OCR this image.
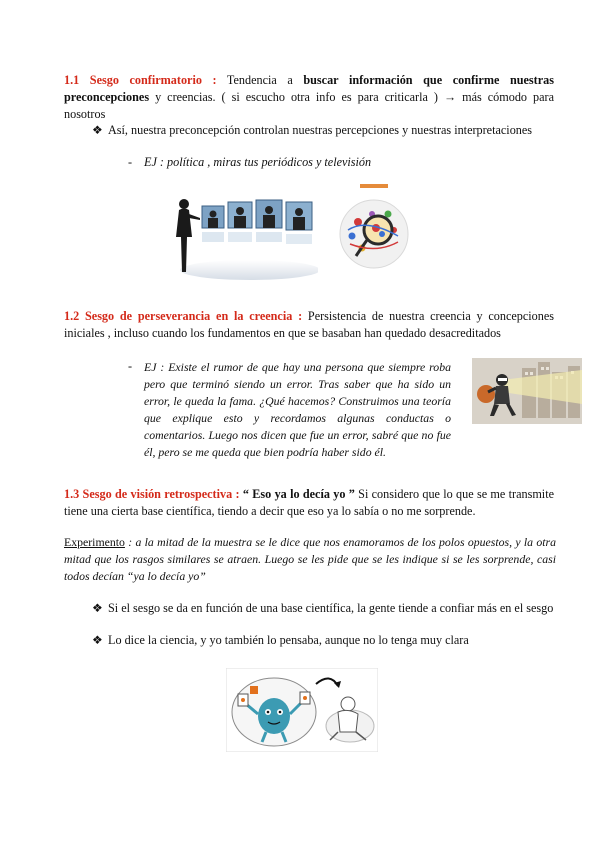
1.1 Sesgo confirmatorio : Tendencia a buscar información que confirme nuestras preconcepciones y creencias. ( si escucho otra info es para criticarla ) → más cómodo para nosotros
❖ Así, nuestra preconcepción controlan nuestras percepciones y nuestras interpretaciones
- EJ : política , miras tus periódicos y televisión
1.2 Sesgo de perseverancia en la creencia : Persistencia de nuestra creencia y concepciones iniciales , incluso cuando los fundamentos en que se basaban han quedado desacreditados
- EJ : Existe el rumor de que hay una persona que siempre roba pero que terminó siendo un error. Tras saber que ha sido un error, le queda la fama. ¿Qué hacemos? Construimos una teoría que explique esto y recordamos algunas conductas o comentarios. Luego nos dicen que fue un error, sabré que no fue él, pero se me queda que bien podría haber sido él.
1.3 Sesgo de visión retrospectiva : “ Eso ya lo decía yo ” Si considero que lo que se me transmite tiene una cierta base científica, tiendo a decir que eso ya lo sabía o no me sorprende.
Experimento : a la mitad de la muestra se le dice que nos enamoramos de los polos opuestos, y la otra mitad que los rasgos similares se atraen. Luego se les pide que se les indique si se les sorprende, casi todos decían “ya lo decía yo”
❖ Si el sesgo se da en función de una base científica, la gente tiende a confiar más en el sesgo
❖ Lo dice la ciencia, y yo también lo pensaba, aunque no lo tenga muy clara
